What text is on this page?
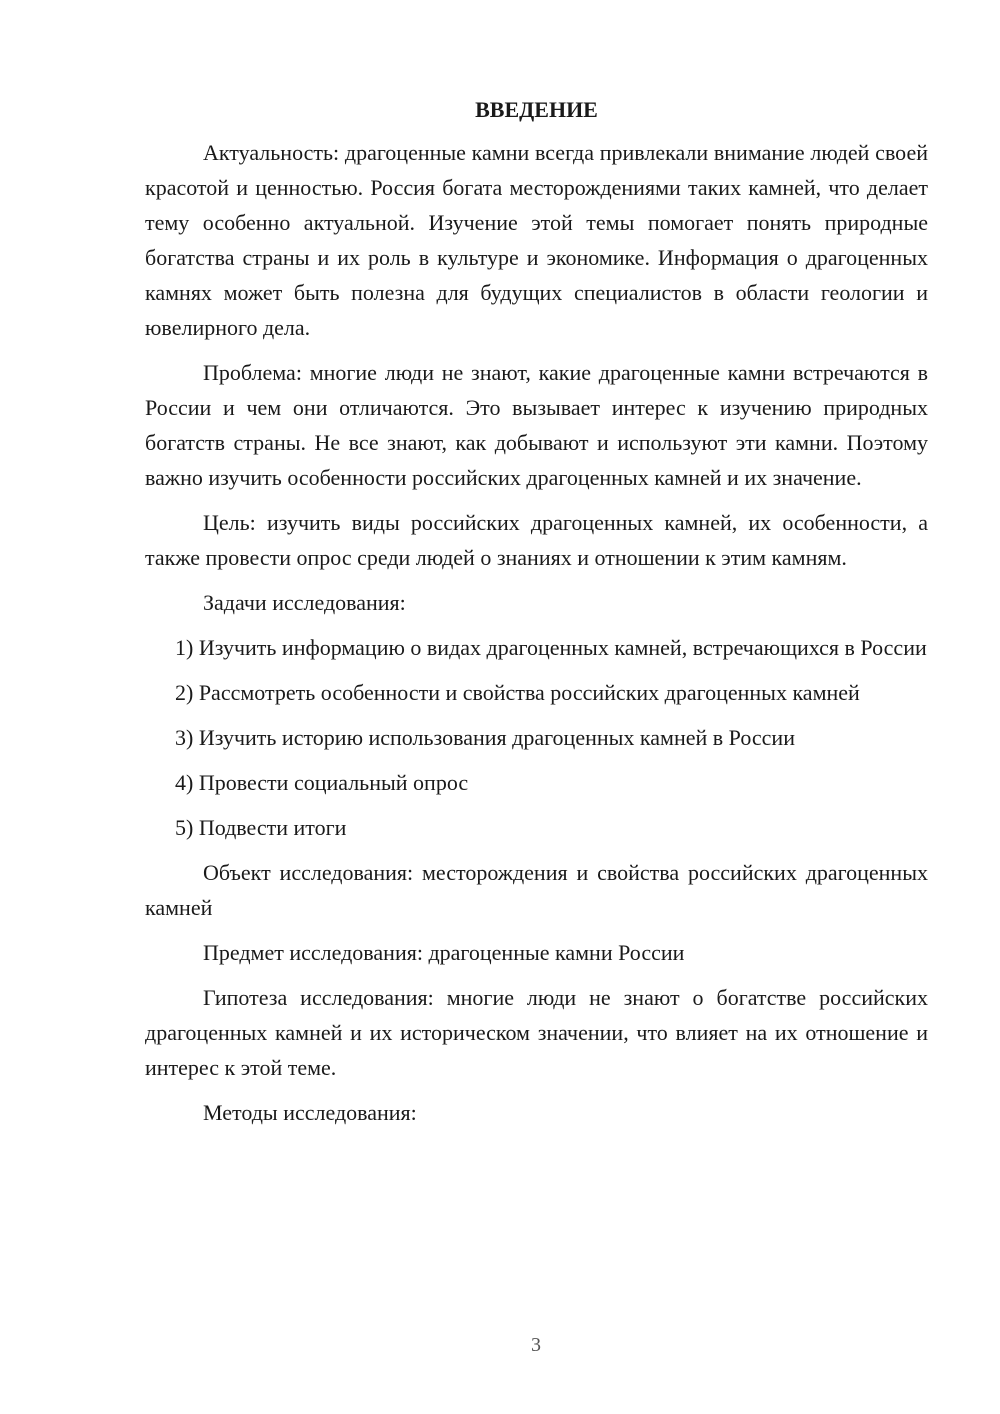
ВВЕДЕНИЕ

Актуальность: драгоценные камни всегда привлекали внимание людей своей красотой и ценностью. Россия богата месторождениями таких камней, что делает тему особенно актуальной. Изучение этой темы помогает понять природные богатства страны и их роль в культуре и экономике. Информация о драгоценных камнях может быть полезна для будущих специалистов в области геологии и ювелирного дела.

Проблема: многие люди не знают, какие драгоценные камни встречаются в России и чем они отличаются. Это вызывает интерес к изучению природных богатств страны. Не все знают, как добывают и используют эти камни. Поэтому важно изучить особенности российских драгоценных камней и их значение.

Цель: изучить виды российских драгоценных камней, их особенности, а также провести опрос среди людей о знаниях и отношении к этим камням.

Задачи исследования:

1) Изучить информацию о видах драгоценных камней, встречающихся в России

2) Рассмотреть особенности и свойства российских драгоценных камней

3) Изучить историю использования драгоценных камней в России

4) Провести социальный опрос

5) Подвести итоги

Объект исследования: месторождения и свойства российских драгоценных камней

Предмет исследования: драгоценные камни России

Гипотеза исследования: многие люди не знают о богатстве российских драгоценных камней и их историческом значении, что влияет на их отношение и интерес к этой теме.

Методы исследования:

3
